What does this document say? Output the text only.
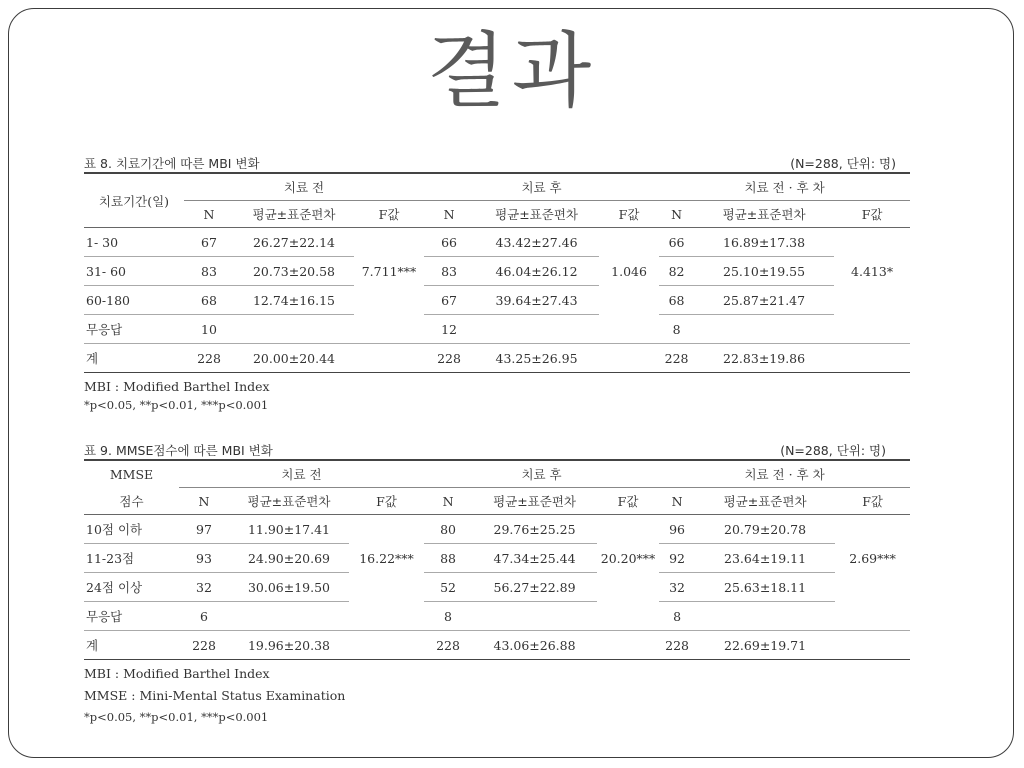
결과
표 8. 치료기간에 따른 MBI 변화	(N=288, 단위: 명)
치료기간(일)	치료 전			치료 후			치료 전 · 후 차		
	N	평균±표준편차	F값	N	평균±표준편차	F값	N	평균±표준편차	F값
1- 30	67	26.27±22.14	7.711***	66	43.42±27.46	1.046	66	16.89±17.38	4.413*
31- 60	83	20.73±20.58		83	46.04±26.12		82	25.10±19.55	
60-180	68	12.74±16.15		67	39.64±27.43		68	25.87±21.47	
무응답	10			12			8		
계	228	20.00±20.44		228	43.25±26.95		228	22.83±19.86	
MBI : Modified Barthel Index
*p<0.05, **p<0.01, ***p<0.001
표 9. MMSE점수에 따른 MBI 변화	(N=288, 단위: 명)
MMSE	치료 전			치료 후			치료 전 · 후 차		
점수	N	평균±표준편차	F값	N	평균±표준편차	F값	N	평균±표준편차	F값
10점 이하	97	11.90±17.41	16.22***	80	29.76±25.25	20.20***	96	20.79±20.78	2.69***
11-23점	93	24.90±20.69		88	47.34±25.44		92	23.64±19.11	
24점 이상	32	30.06±19.50		52	56.27±22.89		32	25.63±18.11	
무응답	6			8			8		
계	228	19.96±20.38		228	43.06±26.88		228	22.69±19.71	
MBI : Modified Barthel Index
MMSE : Mini-Mental Status Examination
*p<0.05, **p<0.01, ***p<0.001
